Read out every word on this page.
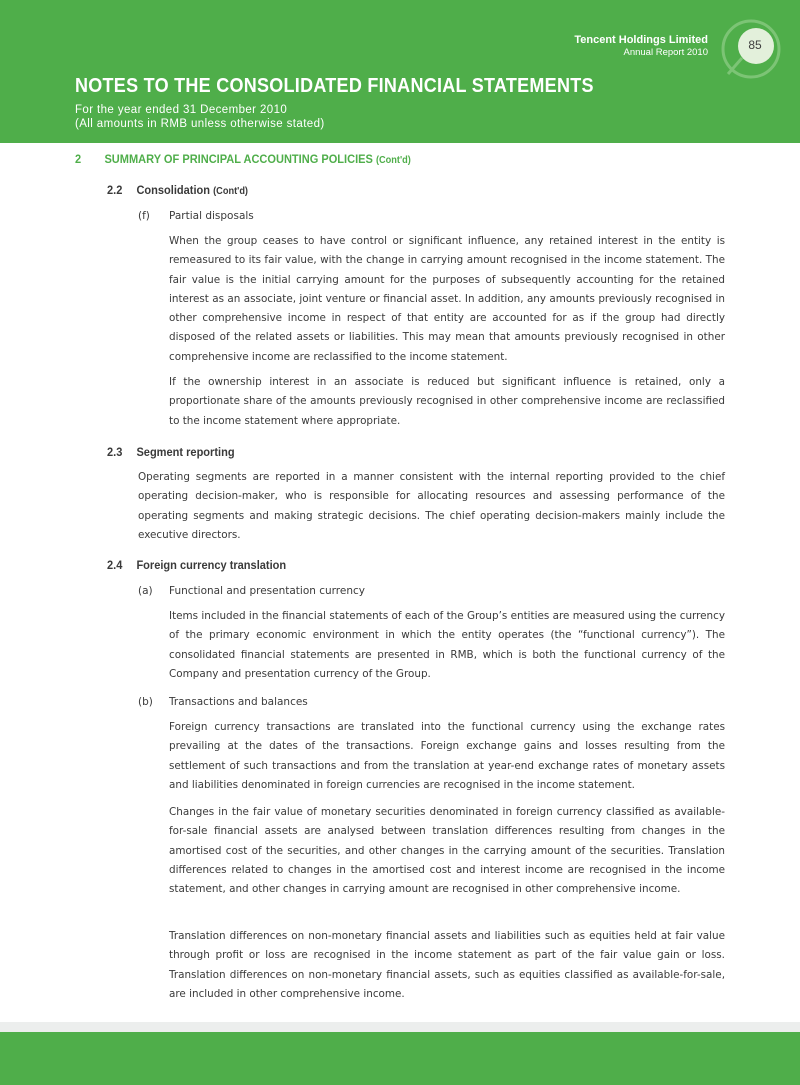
Tencent Holdings Limited
Annual Report 2010
85
NOTES TO THE CONSOLIDATED FINANCIAL STATEMENTS
For the year ended 31 December 2010
(All amounts in RMB unless otherwise stated)
2 SUMMARY OF PRINCIPAL ACCOUNTING POLICIES (Cont'd)
2.2 Consolidation (Cont'd)
(f) Partial disposals
When the group ceases to have control or significant influence, any retained interest in the entity is remeasured to its fair value, with the change in carrying amount recognised in the income statement. The fair value is the initial carrying amount for the purposes of subsequently accounting for the retained interest as an associate, joint venture or financial asset. In addition, any amounts previously recognised in other comprehensive income in respect of that entity are accounted for as if the group had directly disposed of the related assets or liabilities. This may mean that amounts previously recognised in other comprehensive income are reclassified to the income statement.
If the ownership interest in an associate is reduced but significant influence is retained, only a proportionate share of the amounts previously recognised in other comprehensive income are reclassified to the income statement where appropriate.
2.3 Segment reporting
Operating segments are reported in a manner consistent with the internal reporting provided to the chief operating decision-maker, who is responsible for allocating resources and assessing performance of the operating segments and making strategic decisions. The chief operating decision-makers mainly include the executive directors.
2.4 Foreign currency translation
(a) Functional and presentation currency
Items included in the financial statements of each of the Group’s entities are measured using the currency of the primary economic environment in which the entity operates (the “functional currency”). The consolidated financial statements are presented in RMB, which is both the functional currency of the Company and presentation currency of the Group.
(b) Transactions and balances
Foreign currency transactions are translated into the functional currency using the exchange rates prevailing at the dates of the transactions. Foreign exchange gains and losses resulting from the settlement of such transactions and from the translation at year-end exchange rates of monetary assets and liabilities denominated in foreign currencies are recognised in the income statement.
Changes in the fair value of monetary securities denominated in foreign currency classified as available-for-sale financial assets are analysed between translation differences resulting from changes in the amortised cost of the securities, and other changes in the carrying amount of the securities. Translation differences related to changes in the amortised cost and interest income are recognised in the income statement, and other changes in carrying amount are recognised in other comprehensive income.
Translation differences on non-monetary financial assets and liabilities such as equities held at fair value through profit or loss are recognised in the income statement as part of the fair value gain or loss. Translation differences on non-monetary financial assets, such as equities classified as available-for-sale, are included in other comprehensive income.
